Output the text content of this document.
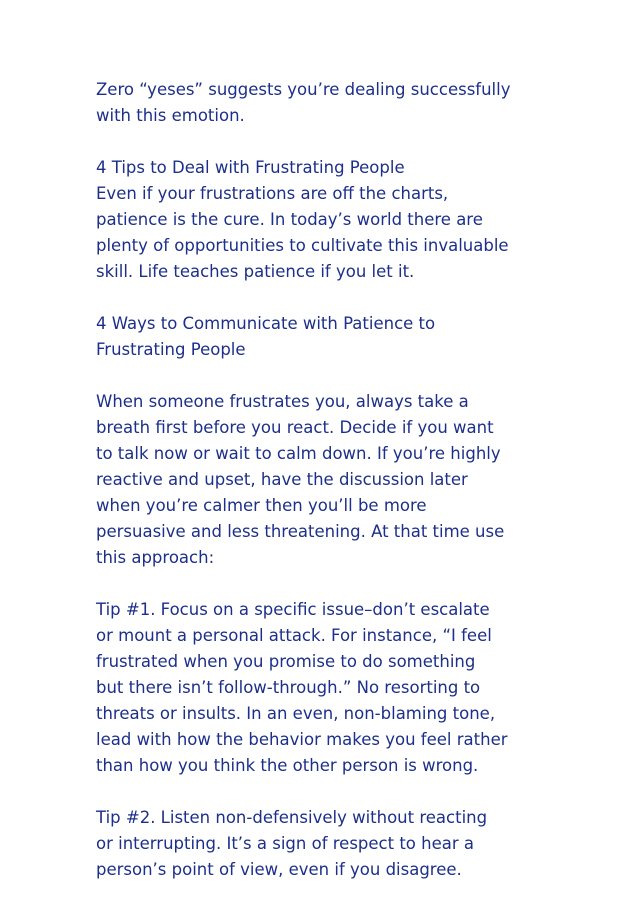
Zero “yeses” suggests you’re dealing successfully
with this emotion.
4 Tips to Deal with Frustrating People
Even if your frustrations are off the charts,
patience is the cure. In today’s world there are
plenty of opportunities to cultivate this invaluable
skill. Life teaches patience if you let it.
4 Ways to Communicate with Patience to
Frustrating People
When someone frustrates you, always take a
breath first before you react. Decide if you want
to talk now or wait to calm down. If you’re highly
reactive and upset, have the discussion later
when you’re calmer then you’ll be more
persuasive and less threatening. At that time use
this approach:
Tip #1. Focus on a specific issue–don’t escalate
or mount a personal attack. For instance, “I feel
frustrated when you promise to do something
but there isn’t follow-through.” No resorting to
threats or insults. In an even, non-blaming tone,
lead with how the behavior makes you feel rather
than how you think the other person is wrong.
Tip #2. Listen non-defensively without reacting
or interrupting. It’s a sign of respect to hear a
person’s point of view, even if you disagree.
